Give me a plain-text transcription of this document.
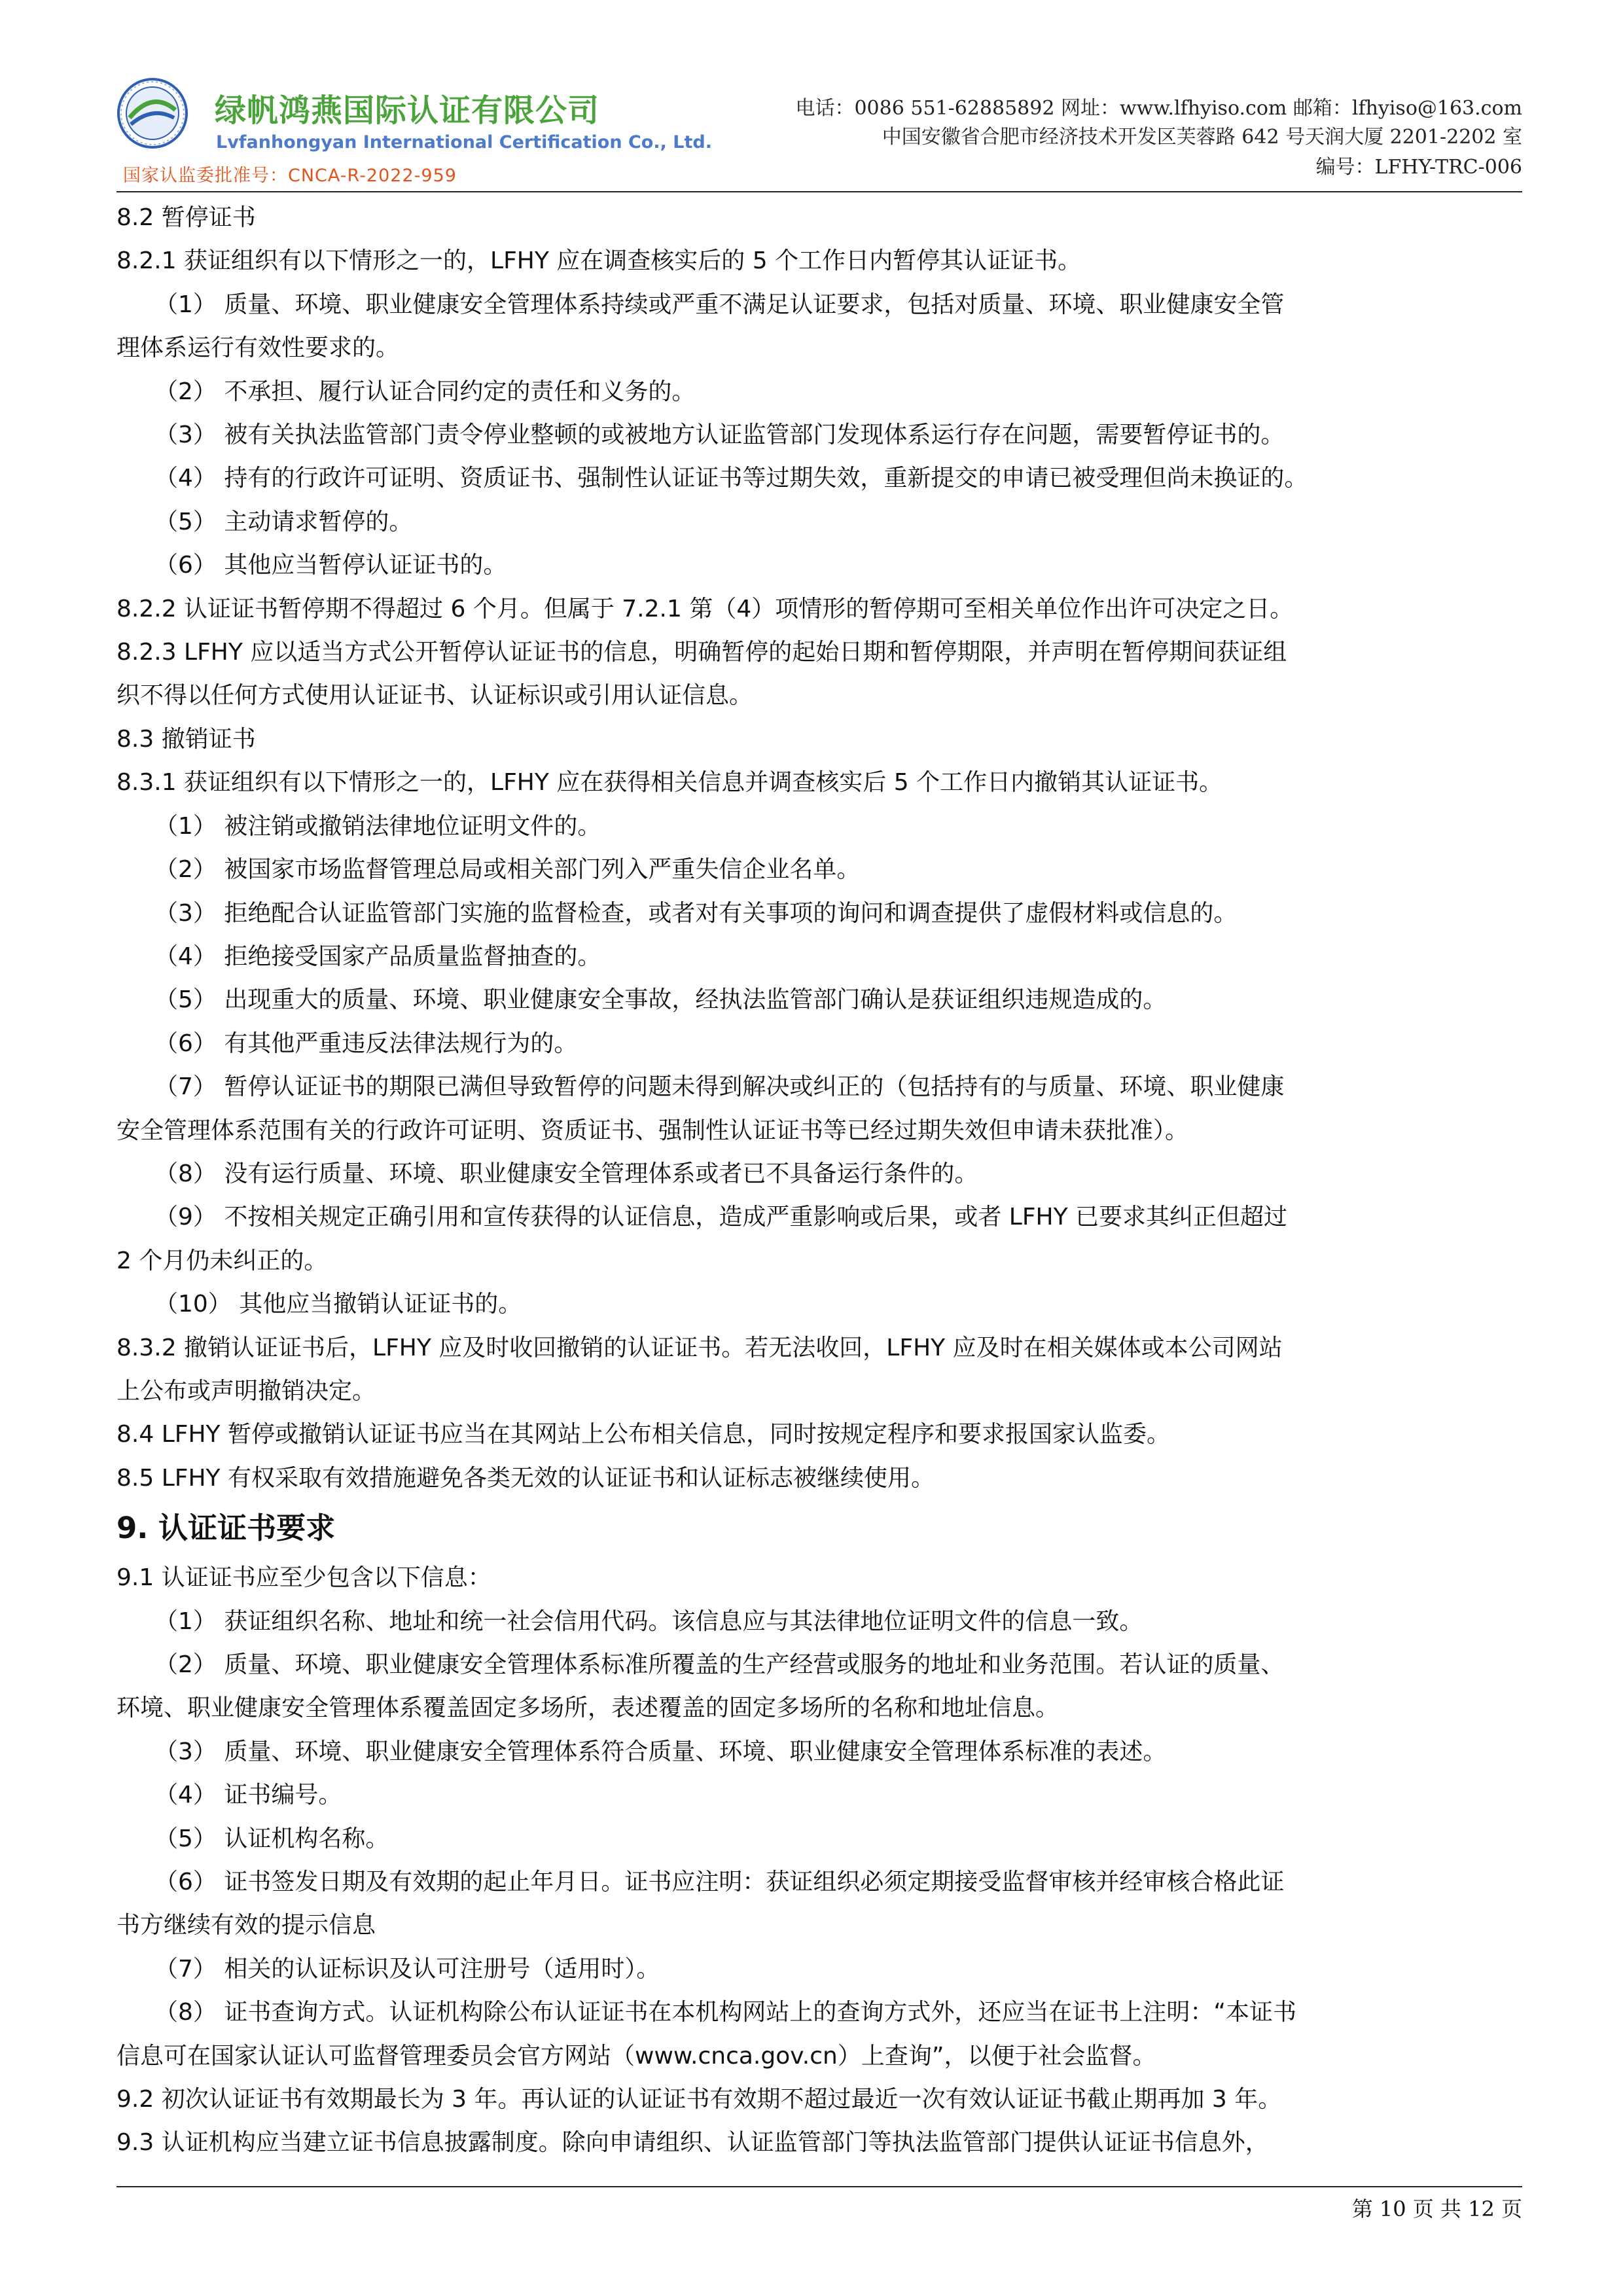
绿帆鸿燕国际认证有限公司
Lvfanhongyan International Certification Co., Ltd.
国家认监委批准号：CNCA-R-2022-959
电话：0086 551-62885892 网址：www.lfhyiso.com 邮箱：lfhyiso@163.com
中国安徽省合肥市经济技术开发区芙蓉路 642 号天润大厦 2201-2202 室
编号：LFHY-TRC-006
8.2 暂停证书
8.2.1 获证组织有以下情形之一的，LFHY 应在调查核实后的 5 个工作日内暂停其认证证书。
（1） 质量、环境、职业健康安全管理体系持续或严重不满足认证要求，包括对质量、环境、职业健康安全管
理体系运行有效性要求的。
（2） 不承担、履行认证合同约定的责任和义务的。
（3） 被有关执法监管部门责令停业整顿的或被地方认证监管部门发现体系运行存在问题，需要暂停证书的。
（4） 持有的行政许可证明、资质证书、强制性认证证书等过期失效，重新提交的申请已被受理但尚未换证的。
（5） 主动请求暂停的。
（6） 其他应当暂停认证证书的。
8.2.2 认证证书暂停期不得超过 6 个月。但属于 7.2.1 第（4）项情形的暂停期可至相关单位作出许可决定之日。
8.2.3 LFHY 应以适当方式公开暂停认证证书的信息，明确暂停的起始日期和暂停期限，并声明在暂停期间获证组
织不得以任何方式使用认证证书、认证标识或引用认证信息。
8.3 撤销证书
8.3.1 获证组织有以下情形之一的，LFHY 应在获得相关信息并调查核实后 5 个工作日内撤销其认证证书。
（1） 被注销或撤销法律地位证明文件的。
（2） 被国家市场监督管理总局或相关部门列入严重失信企业名单。
（3） 拒绝配合认证监管部门实施的监督检查，或者对有关事项的询问和调查提供了虚假材料或信息的。
（4） 拒绝接受国家产品质量监督抽查的。
（5） 出现重大的质量、环境、职业健康安全事故，经执法监管部门确认是获证组织违规造成的。
（6） 有其他严重违反法律法规行为的。
（7） 暂停认证证书的期限已满但导致暂停的问题未得到解决或纠正的（包括持有的与质量、环境、职业健康
安全管理体系范围有关的行政许可证明、资质证书、强制性认证证书等已经过期失效但申请未获批准）。
（8） 没有运行质量、环境、职业健康安全管理体系或者已不具备运行条件的。
（9） 不按相关规定正确引用和宣传获得的认证信息，造成严重影响或后果，或者 LFHY 已要求其纠正但超过
2 个月仍未纠正的。
（10） 其他应当撤销认证证书的。
8.3.2 撤销认证证书后，LFHY 应及时收回撤销的认证证书。若无法收回，LFHY 应及时在相关媒体或本公司网站
上公布或声明撤销决定。
8.4 LFHY 暂停或撤销认证证书应当在其网站上公布相关信息，同时按规定程序和要求报国家认监委。
8.5 LFHY 有权采取有效措施避免各类无效的认证证书和认证标志被继续使用。
9. 认证证书要求
9.1 认证证书应至少包含以下信息：
（1） 获证组织名称、地址和统一社会信用代码。该信息应与其法律地位证明文件的信息一致。
（2） 质量、环境、职业健康安全管理体系标准所覆盖的生产经营或服务的地址和业务范围。若认证的质量、
环境、职业健康安全管理体系覆盖固定多场所，表述覆盖的固定多场所的名称和地址信息。
（3） 质量、环境、职业健康安全管理体系符合质量、环境、职业健康安全管理体系标准的表述。
（4） 证书编号。
（5） 认证机构名称。
（6） 证书签发日期及有效期的起止年月日。证书应注明：获证组织必须定期接受监督审核并经审核合格此证
书方继续有效的提示信息
（7） 相关的认证标识及认可注册号（适用时）。
（8） 证书查询方式。认证机构除公布认证证书在本机构网站上的查询方式外，还应当在证书上注明：“本证书
信息可在国家认证认可监督管理委员会官方网站（www.cnca.gov.cn）上查询”，以便于社会监督。
9.2 初次认证证书有效期最长为 3 年。再认证的认证证书有效期不超过最近一次有效认证证书截止期再加 3 年。
9.3 认证机构应当建立证书信息披露制度。除向申请组织、认证监管部门等执法监管部门提供认证证书信息外，
第 10 页 共 12 页
